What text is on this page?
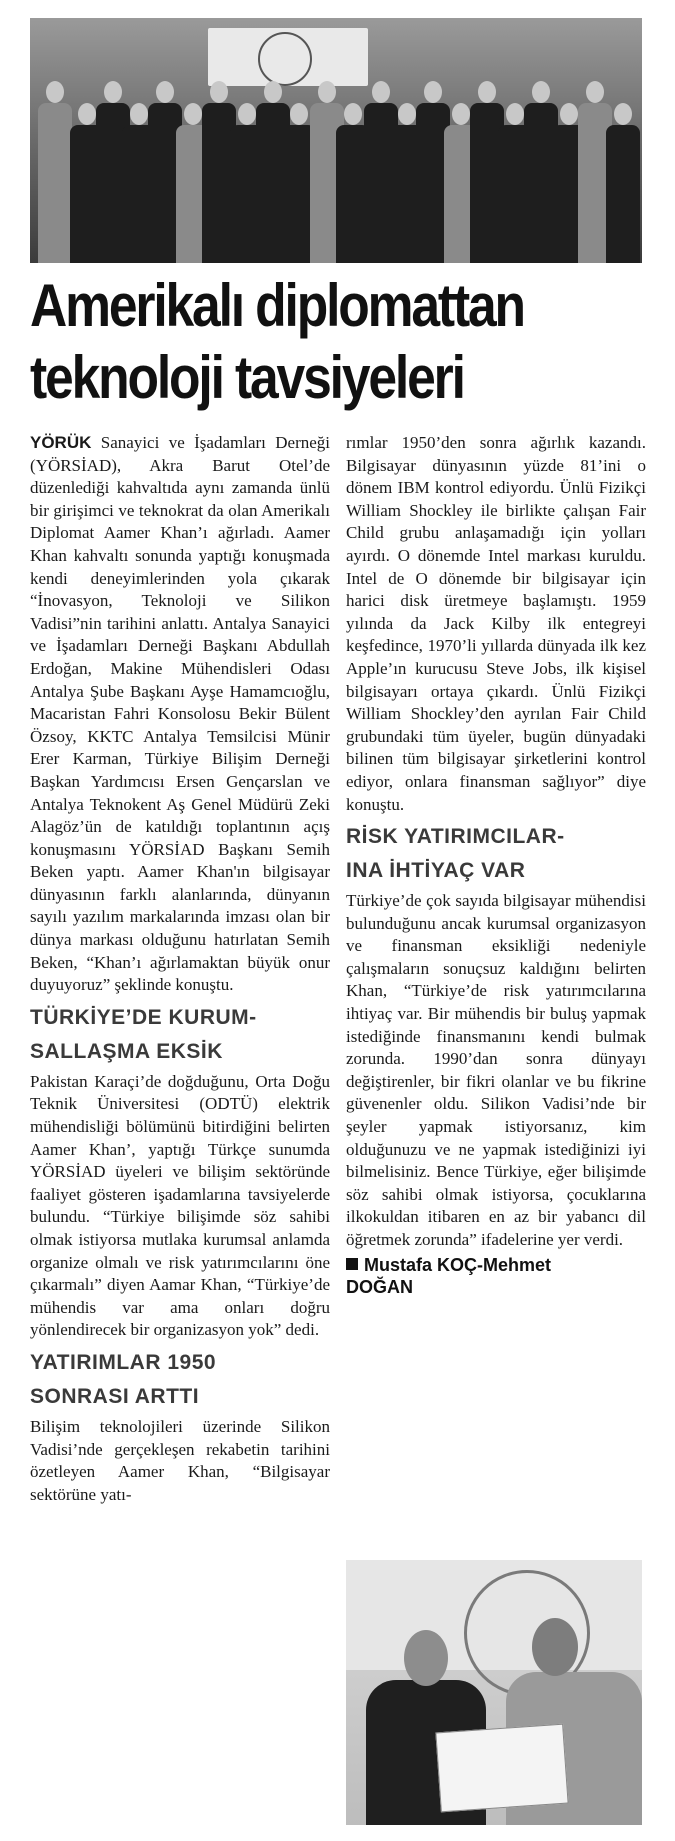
Amerikalı diplomattan
teknoloji tavsiyeleri

YÖRÜK Sanayici ve İşadamları Derneği (YÖRSİAD), Akra Barut Otel’de düzenlediği kahvaltıda aynı zamanda ünlü bir girişimci ve teknokrat da olan Amerikalı Diplomat Aamer Khan’ı ağırladı. Aamer Khan kahvaltı sonunda yaptığı konuşmada kendi deneyimlerinden yola çıkarak “İnovasyon, Teknoloji ve Silikon Vadisi”nin tarihini anlattı. Antalya Sanayici ve İşadamları Derneği Başkanı Abdullah Erdoğan, Makine Mühendisleri Odası Antalya Şube Başkanı Ayşe Hamamcıoğlu, Macaristan Fahri Konsolosu Bekir Bülent Özsoy, KKTC Antalya Temsilcisi Münir Erer Karman, Türkiye Bilişim Derneği Başkan Yardımcısı Ersen Gençarslan ve Antalya Teknokent Aş Genel Müdürü Zeki Alagöz’ün de katıldığı toplantının açış konuşmasını YÖRSİAD Başkanı Semih Beken yaptı. Aamer Khan'ın bilgisayar dünyasının farklı alanlarında, dünyanın sayılı yazılım markalarında imzası olan bir dünya markası olduğunu hatırlatan Semih Beken, “Khan’ı ağırlamaktan büyük onur duyuyoruz” şeklinde konuştu.

TÜRKİYE’DE KURUM-
SALLAŞMA EKSİK

Pakistan Karaçi’de doğduğunu, Orta Doğu Teknik Üniversitesi (ODTÜ) elektrik mühendisliği bölümünü bitirdiğini belirten Aamer Khan’, yaptığı Türkçe sunumda YÖRSİAD üyeleri ve bilişim sektöründe faaliyet gösteren işadamlarına tavsiyelerde bulundu. “Türkiye bilişimde söz sahibi olmak istiyorsa mutlaka kurumsal anlamda organize olmalı ve risk yatırımcılarını öne çıkarmalı” diyen Aamar Khan, “Türkiye’de mühendis var ama onları doğru yönlendirecek bir organizasyon yok” dedi.

YATIRIMLAR 1950
SONRASI ARTTI

Bilişim teknolojileri üzerinde Silikon Vadisi’nde gerçekleşen rekabetin tarihini özetleyen Aamer Khan, “Bilgisayar sektörüne yatı-

rımlar 1950’den sonra ağırlık kazandı. Bilgisayar dünyasının yüzde 81’ini o dönem IBM kontrol ediyordu. Ünlü Fizikçi William Shockley ile birlikte çalışan Fair Child grubu anlaşamadığı için yolları ayırdı. O dönemde Intel markası kuruldu. Intel de O dönemde bir bilgisayar için harici disk üretmeye başlamıştı. 1959 yılında da Jack Kilby ilk entegreyi keşfedince, 1970’li yıllarda dünyada ilk kez Apple’ın kurucusu Steve Jobs, ilk kişisel bilgisayarı ortaya çıkardı. Ünlü Fizikçi William Shockley’den ayrılan Fair Child grubundaki tüm üyeler, bugün dünyadaki bilinen tüm bilgisayar şirketlerini kontrol ediyor, onlara finansman sağlıyor” diye konuştu.

RİSK YATIRIMCILAR-
INA İHTİYAÇ VAR

Türkiye’de çok sayıda bilgisayar mühendisi bulunduğunu ancak kurumsal organizasyon ve finansman eksikliği nedeniyle çalışmaların sonuçsuz kaldığını belirten Khan, “Türkiye’de risk yatırımcılarına ihtiyaç var. Bir mühendis bir buluş yapmak istediğinde finansmanını kendi bulmak zorunda. 1990’dan sonra dünyayı değiştirenler, bir fikri olanlar ve bu fikrine güvenenler oldu. Silikon Vadisi’nde bir şeyler yapmak istiyorsanız, kim olduğunuzu ve ne yapmak istediğinizi iyi bilmelisiniz. Bence Türkiye, eğer bilişimde söz sahibi olmak istiyorsa, çocuklarına ilkokuldan itibaren en az bir yabancı dil öğretmek zorunda” ifadelerine yer verdi.

Mustafa KOÇ-Mehmet
DOĞAN
